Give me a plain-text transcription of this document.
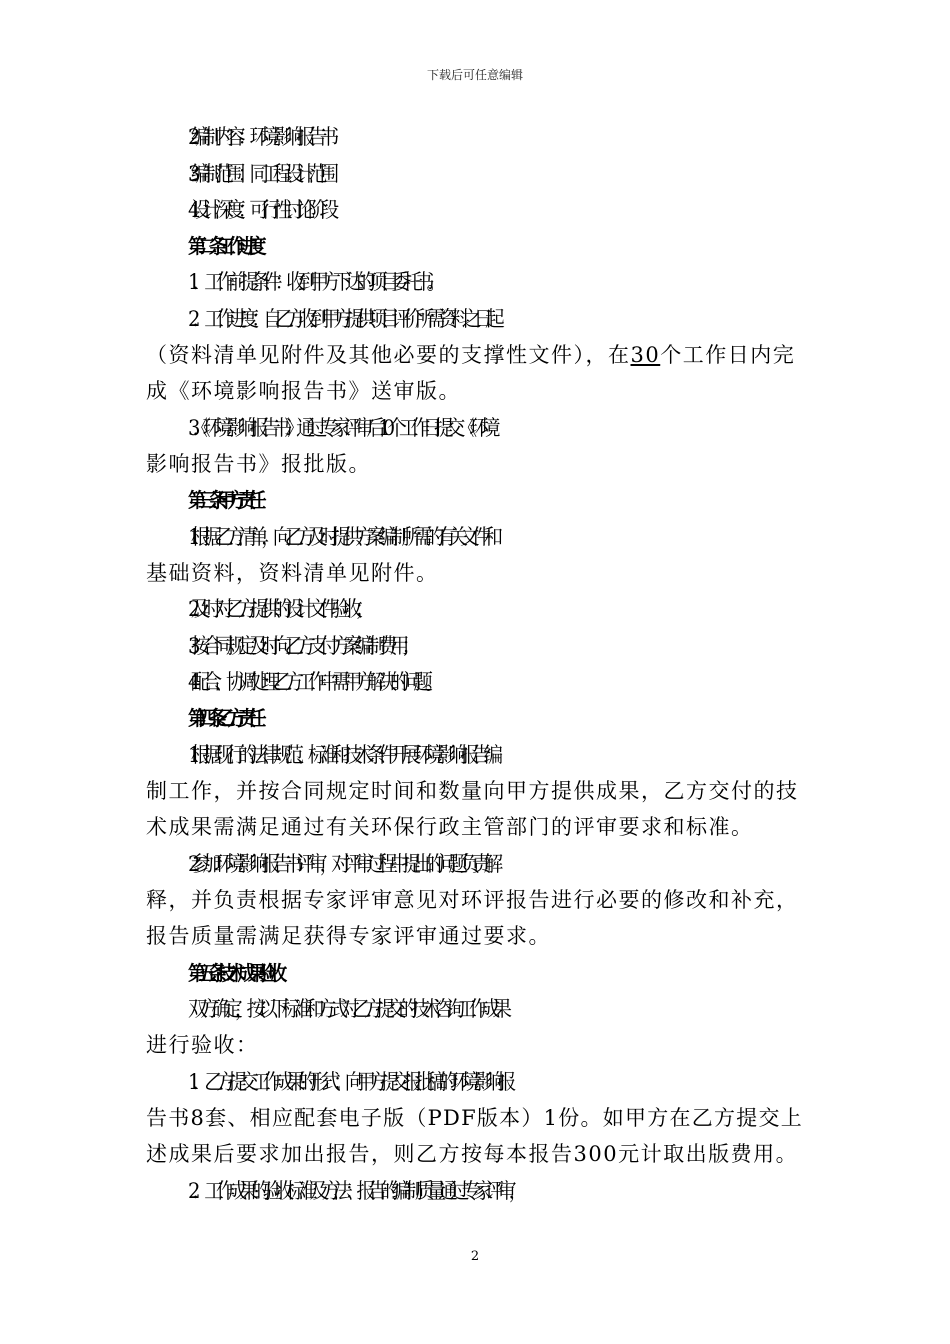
下载后可任意编辑
2.编制内容：环境影响报告书
3.编制范围：同工程设计范围
4.设计深度：可行性讨论阶段
第二条 工作进度
1．工作前提条件：收到甲方下达的项目委托书。
2．工作进度：自乙方收到甲方提供项目评价所需资料之日起
（资料清单见附件及其他必要的支撑性文件），在30个工作日内完
成《环境影响报告书》送审版。
3.《环境影响报告书》通过专家评审后10个工作日提交《环境
影响报告书》报批版。
第三条 甲方责任
1.根据乙方清单，向乙方及时提供方案编制所需的有关文件和
基础资料，资料清单见附件。
2.及时对乙方提供的设计文件验收；
3.按合同规定及时向乙方支付方案编制费用；
4.配合、协调处理乙方工作中需甲方解决的问题。
第四条 乙方责任
1.根据现行的法律规范、标准和技术条件开展环境影响报告编
制工作，并按合同规定时间和数量向甲方提供成果，乙方交付的技
术成果需满足通过有关环保行政主管部门的评审要求和标准。
2.参加环境影响报告书评审，对评审过程中提出的问题负责解
释，并负责根据专家评审意见对环评报告进行必要的修改和补充，
报告质量需满足获得专家评审通过要求。
第五条 技术成果验收
双方确定，按以下标准和方式对乙方提交的技术咨询工作成果
进行验收：
1．乙方提交工作成果的形式：向甲方提交报批稿的环境影响报
告书8套、相应配套电子版（PDF版本）1份。如甲方在乙方提交上
述成果后要求加出报告，则乙方按每本报告300元计取出版费用。
2．工作成果的验收标准及方法：报告的编制质量通过专家评审，
2
